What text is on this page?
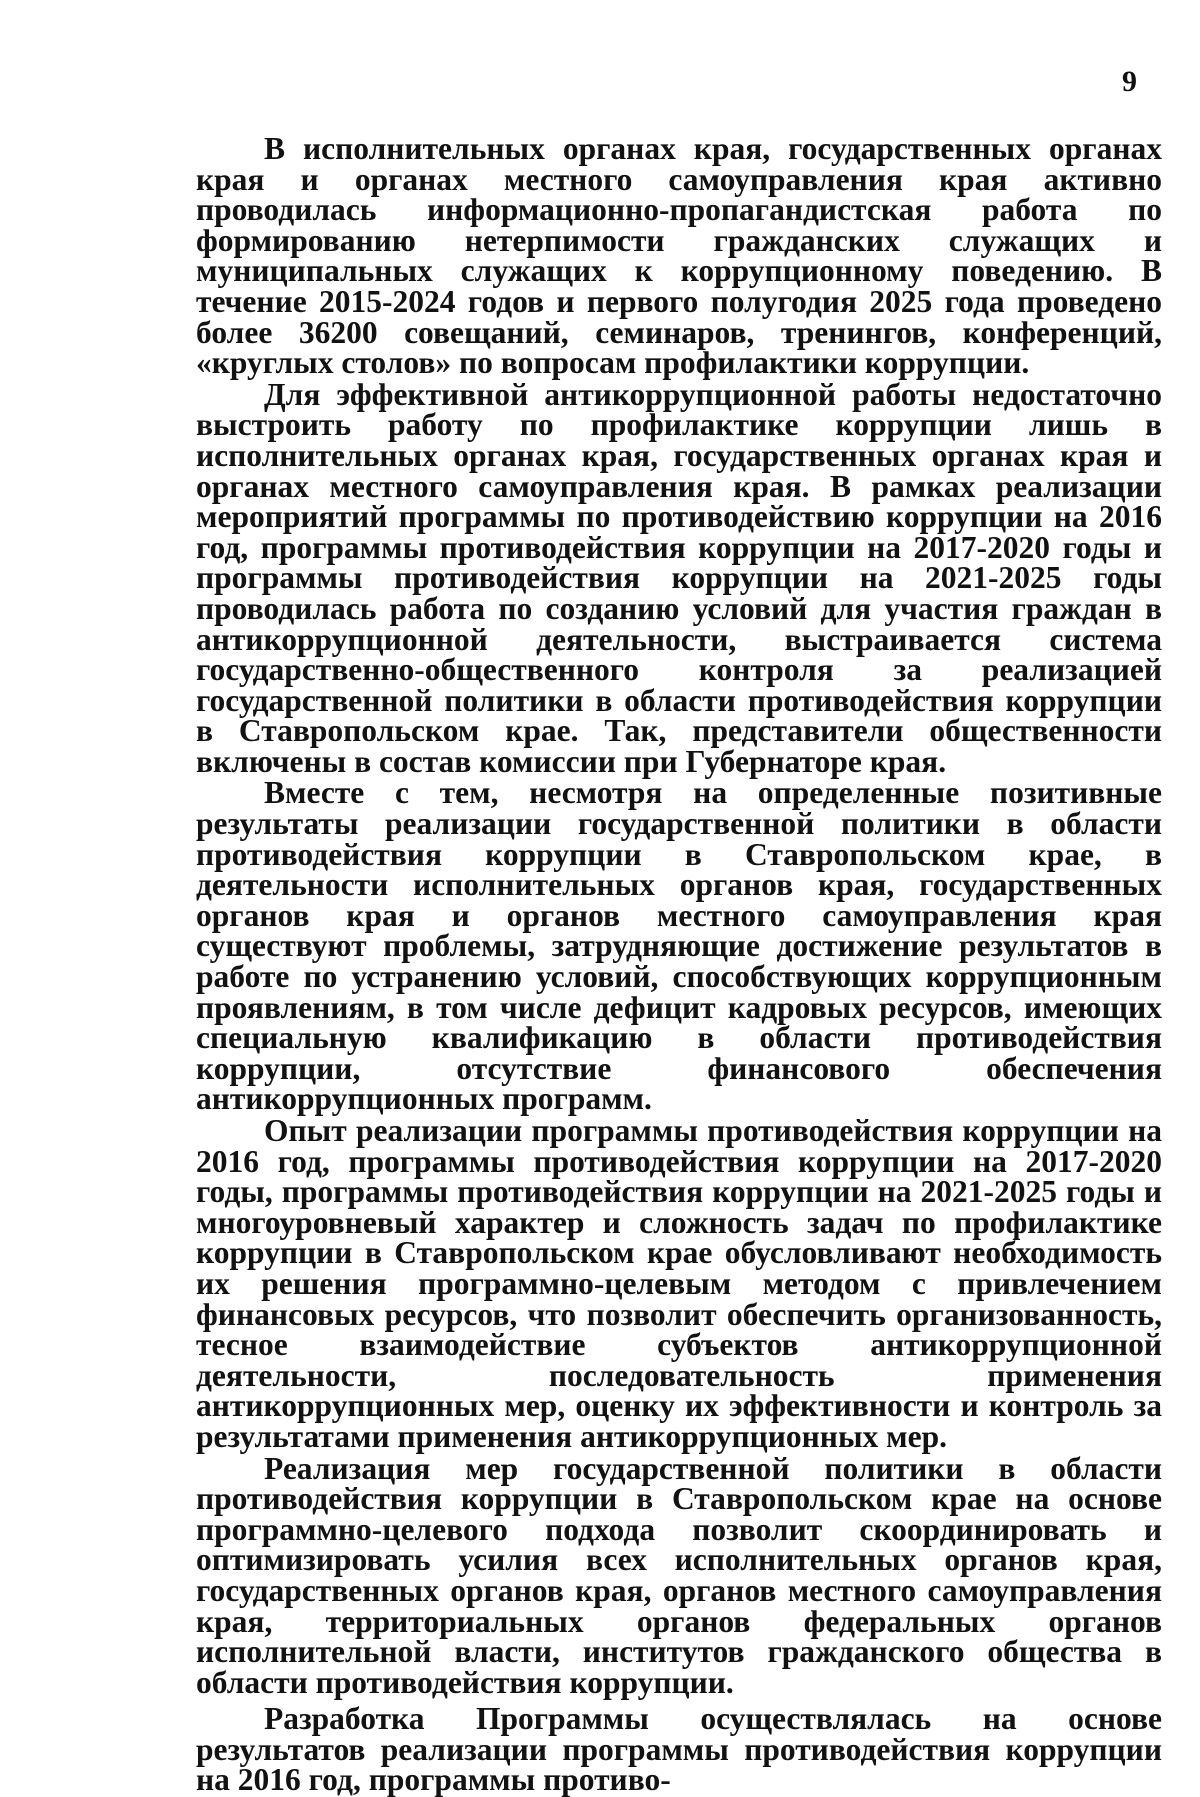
9

В исполнительных органах края, государственных органах края и органах местного самоуправления края активно проводилась информационно-пропагандистская работа по формированию нетерпимости гражданских служащих и муниципальных служащих к коррупционному поведению. В течение 2015-2024 годов и первого полугодия 2025 года проведено более 36200 совещаний, семинаров, тренингов, конференций, «круглых столов» по вопросам профилактики коррупции.

Для эффективной антикоррупционной работы недостаточно выстроить работу по профилактике коррупции лишь в исполнительных органах края, государственных органах края и органах местного самоуправления края. В рамках реализации мероприятий программы по противодействию коррупции на 2016 год, программы противодействия коррупции на 2017-2020 годы и программы противодействия коррупции на 2021-2025 годы проводилась работа по созданию условий для участия граждан в антикоррупционной деятельности, выстраивается система государственно-общественного контроля за реализацией государственной политики в области противодействия коррупции в Ставропольском крае. Так, представители общественности включены в состав комиссии при Губернаторе края.

Вместе с тем, несмотря на определенные позитивные результаты реализации государственной политики в области противодействия коррупции в Ставропольском крае, в деятельности исполнительных органов края, государственных органов края и органов местного самоуправления края существуют проблемы, затрудняющие достижение результатов в работе по устранению условий, способствующих коррупционным проявлениям, в том числе дефицит кадровых ресурсов, имеющих специальную квалификацию в области противодействия коррупции, отсутствие финансового обеспечения антикоррупционных программ.

Опыт реализации программы противодействия коррупции на 2016 год, программы противодействия коррупции на 2017-2020 годы, программы противодействия коррупции на 2021-2025 годы и многоуровневый характер и сложность задач по профилактике коррупции в Ставропольском крае обусловливают необходимость их решения программно-целевым методом с привлечением финансовых ресурсов, что позволит обеспечить организованность, тесное взаимодействие субъектов антикоррупционной деятельности, последовательность применения антикоррупционных мер, оценку их эффективности и контроль за результатами применения антикоррупционных мер.

Реализация мер государственной политики в области противодействия коррупции в Ставропольском крае на основе программно-целевого подхода позволит скоординировать и оптимизировать усилия всех исполнительных органов края, государственных органов края, органов местного самоуправления края, территориальных органов федеральных органов исполнительной власти, институтов гражданского общества в области противодействия коррупции.

Разработка Программы осуществлялась на основе результатов реализации программы противодействия коррупции на 2016 год, программы противо-
